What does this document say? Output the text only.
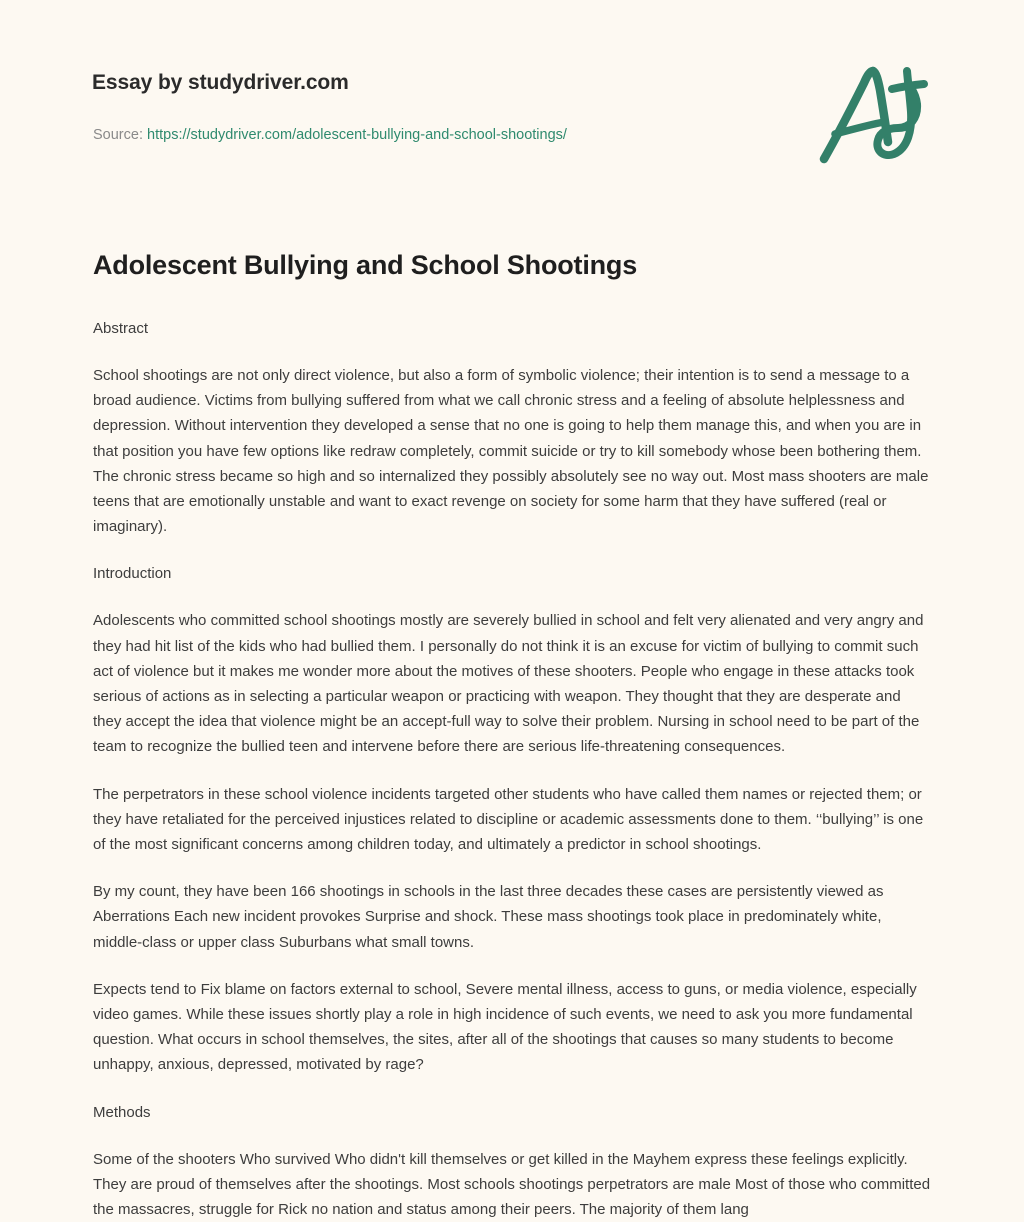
Essay by studydriver.com
Source: https://studydriver.com/adolescent-bullying-and-school-shootings/
Adolescent Bullying and School Shootings
Abstract

School shootings are not only direct violence, but also a form of symbolic violence; their intention is to send a message to a broad audience. Victims from bullying suffered from what we call chronic stress and a feeling of absolute helplessness and depression. Without intervention they developed a sense that no one is going to help them manage this, and when you are in that position you have few options like redraw completely, commit suicide or try to kill somebody whose been bothering them. The chronic stress became so high and so internalized they possibly absolutely see no way out. Most mass shooters are male teens that are emotionally unstable and want to exact revenge on society for some harm that they have suffered (real or imaginary).

Introduction

Adolescents who committed school shootings mostly are severely bullied in school and felt very alienated and very angry and they had hit list of the kids who had bullied them. I personally do not think it is an excuse for victim of bullying to commit such act of violence but it makes me wonder more about the motives of these shooters. People who engage in these attacks took serious of actions as in selecting a particular weapon or practicing with weapon. They thought that they are desperate and they accept the idea that violence might be an accept-full way to solve their problem. Nursing in school need to be part of the team to recognize the bullied teen and intervene before there are serious life-threatening consequences.

The perpetrators in these school violence incidents targeted other students who have called them names or rejected them; or they have retaliated for the perceived injustices related to discipline or academic assessments done to them. ‘‘bullying’’ is one of the most significant concerns among children today, and ultimately a predictor in school shootings.

By my count, they have been 166 shootings in schools in the last three decades these cases are persistently viewed as Aberrations Each new incident provokes Surprise and shock. These mass shootings took place in predominately white, middle-class or upper class Suburbans what small towns.

Expects tend to Fix blame on factors external to school, Severe mental illness, access to guns, or media violence, especially video games. While these issues shortly play a role in high incidence of such events, we need to ask you more fundamental question. What occurs in school themselves, the sites, after all of the shootings that causes so many students to become unhappy, anxious, depressed, motivated by rage?

Methods

Some of the shooters Who survived Who didn't kill themselves or get killed in the Mayhem express these feelings explicitly. They are proud of themselves after the shootings. Most schools shootings perpetrators are male Most of those who committed the massacres, struggle for Rick no nation and status among their peers. The majority of them lang
